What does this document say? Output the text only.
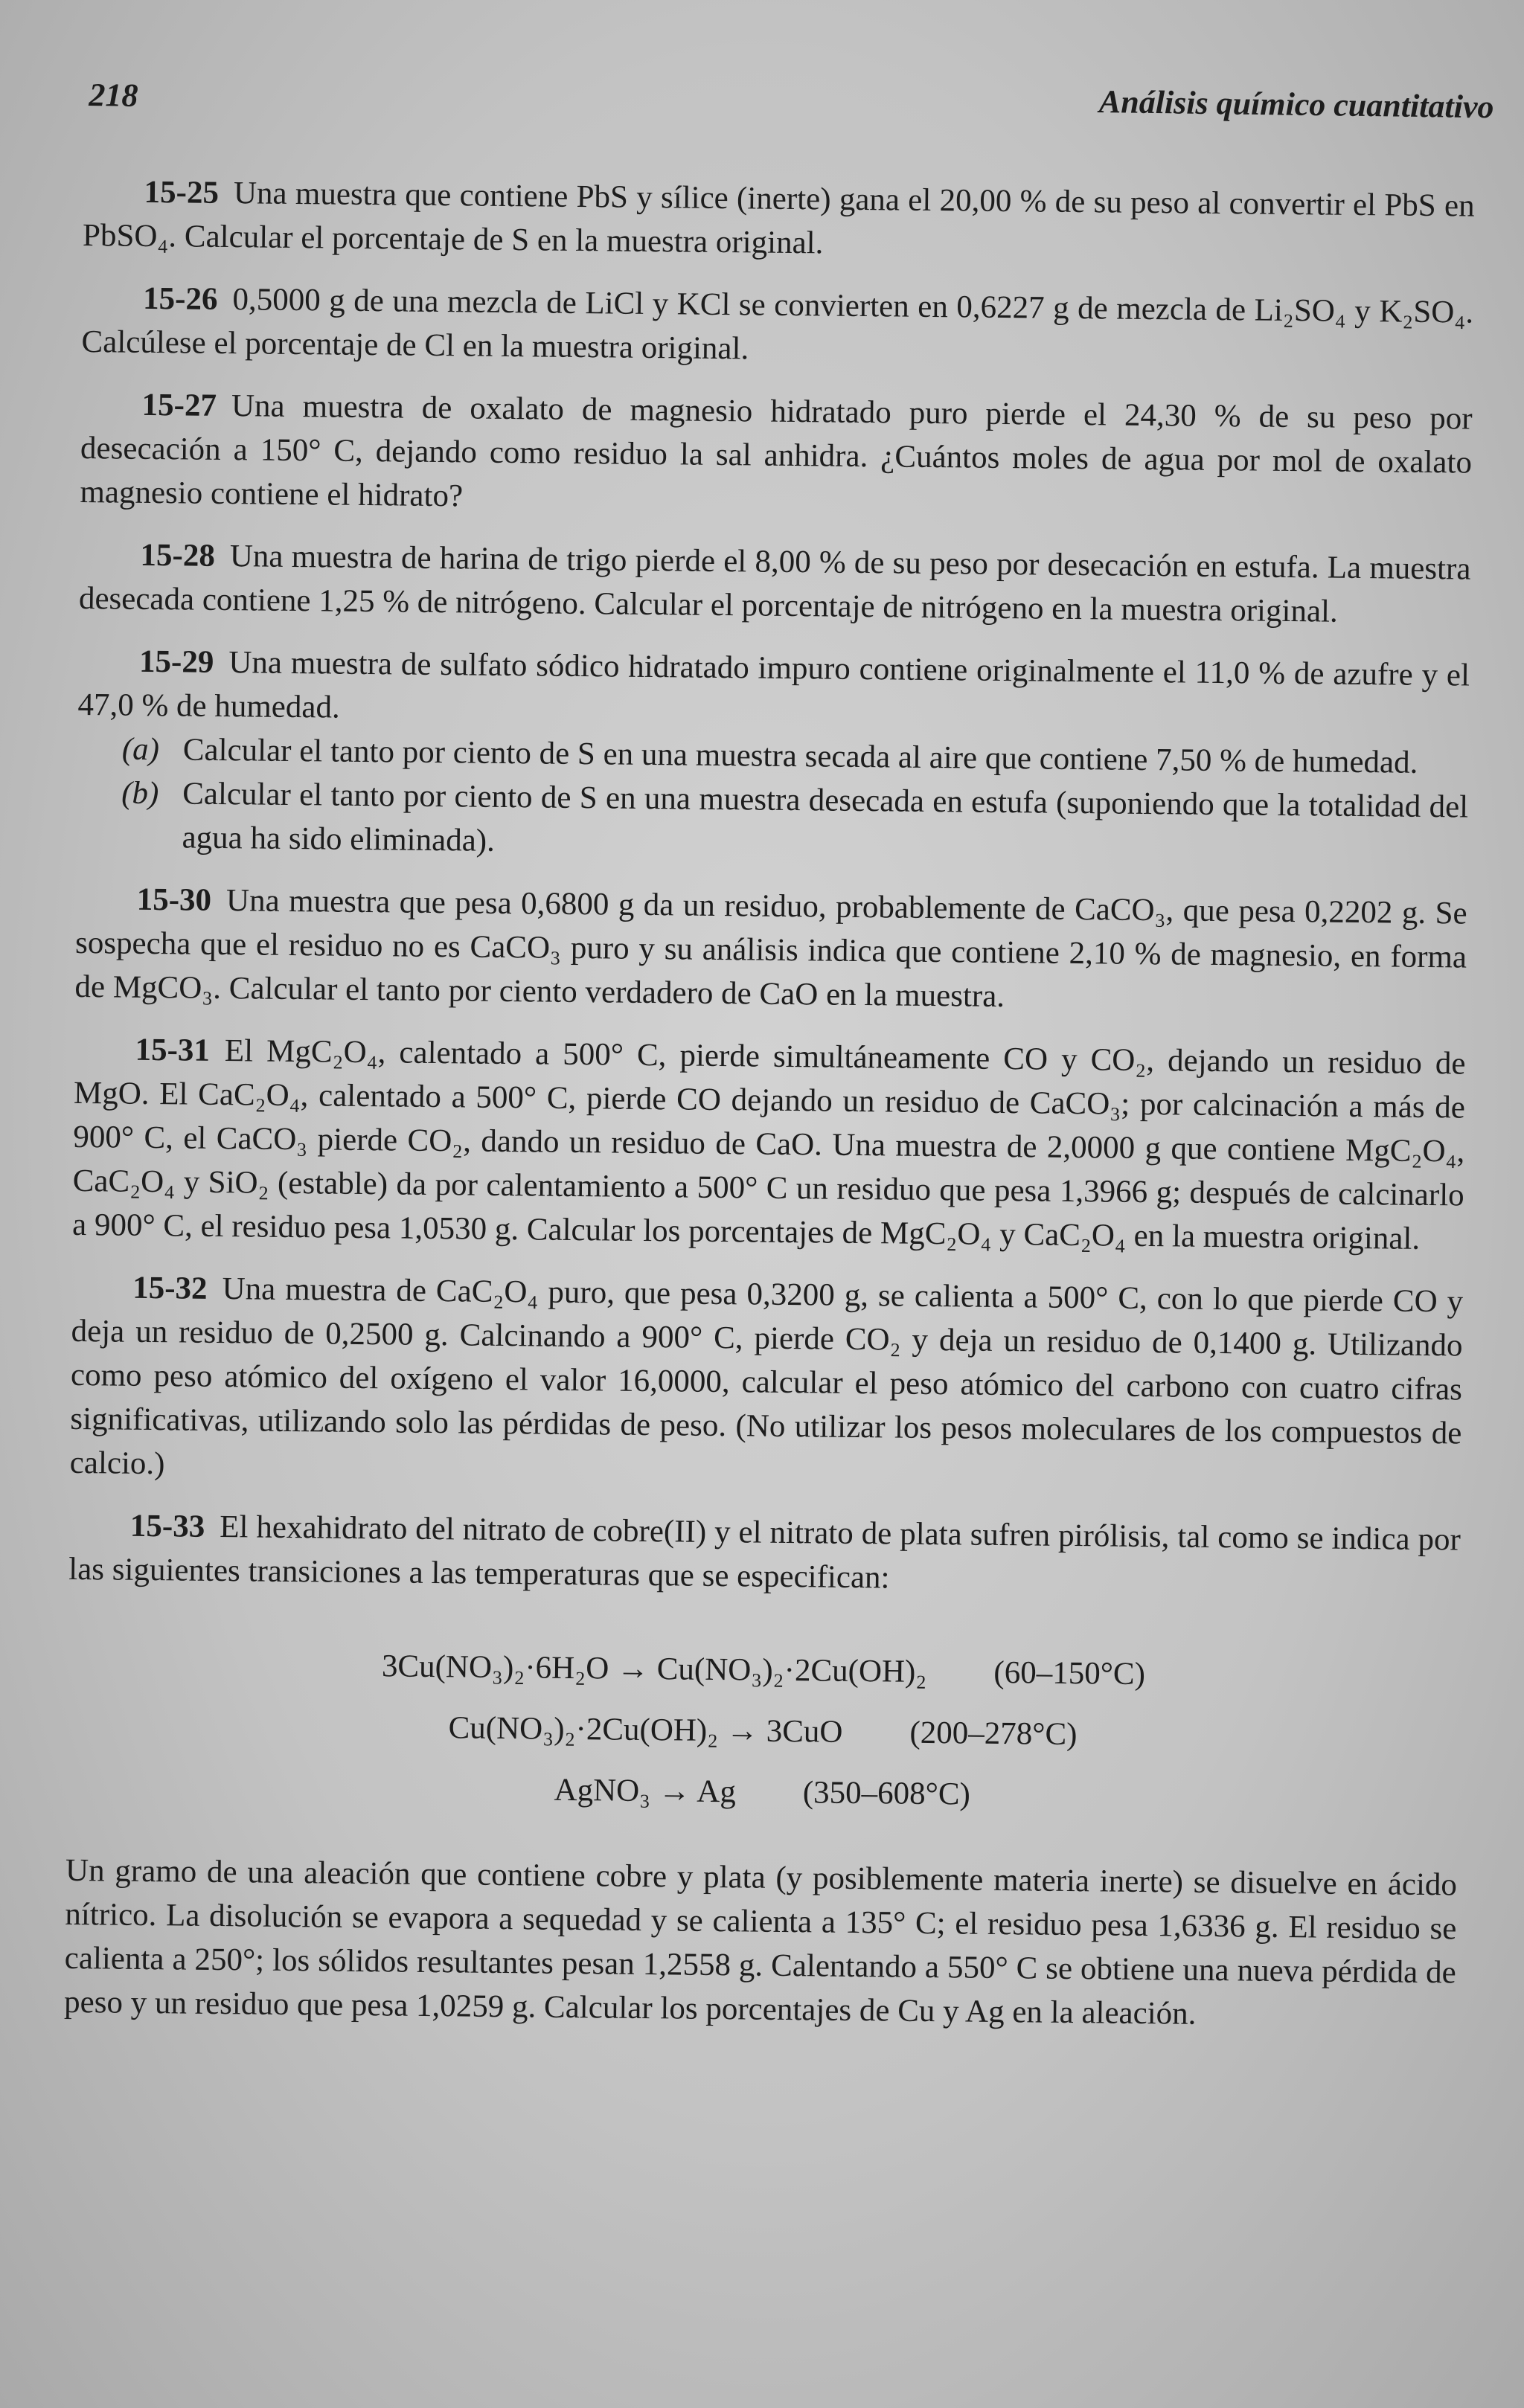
218	Análisis químico cuantitativo

15-25 Una muestra que contiene PbS y sílice (inerte) gana el 20,00 % de su peso al convertir el PbS en PbSO₄. Calcular el porcentaje de S en la muestra original.

15-26 0,5000 g de una mezcla de LiCl y KCl se convierten en 0,6227 g de mezcla de Li₂SO₄ y K₂SO₄. Calcúlese el porcentaje de Cl en la muestra original.

15-27 Una muestra de oxalato de magnesio hidratado puro pierde el 24,30 % de su peso por desecación a 150° C, dejando como residuo la sal anhidra. ¿Cuántos moles de agua por mol de oxalato magnesio contiene el hidrato?

15-28 Una muestra de harina de trigo pierde el 8,00 % de su peso por desecación en estufa. La muestra desecada contiene 1,25 % de nitrógeno. Calcular el porcentaje de nitrógeno en la muestra original.

15-29 Una muestra de sulfato sódico hidratado impuro contiene originalmente el 11,0 % de azufre y el 47,0 % de humedad.

(a) Calcular el tanto por ciento de S en una muestra secada al aire que contiene 7,50 % de humedad.
(b) Calcular el tanto por ciento de S en una muestra desecada en estufa (suponiendo que la totalidad del agua ha sido eliminada).

15-30 Una muestra que pesa 0,6800 g da un residuo, probablemente de CaCO₃, que pesa 0,2202 g. Se sospecha que el residuo no es CaCO₃ puro y su análisis indica que contiene 2,10 % de magnesio, en forma de MgCO₃. Calcular el tanto por ciento verdadero de CaO en la muestra.

15-31 El MgC₂O₄, calentado a 500° C, pierde simultáneamente CO y CO₂, dejando un residuo de MgO. El CaC₂O₄, calentado a 500° C, pierde CO dejando un residuo de CaCO₃; por calcinación a más de 900° C, el CaCO₃ pierde CO₂, dando un residuo de CaO. Una muestra de 2,0000 g que contiene MgC₂O₄, CaC₂O₄ y SiO₂ (estable) da por calentamiento a 500° C un residuo que pesa 1,3966 g; después de calcinarlo a 900° C, el residuo pesa 1,0530 g. Calcular los porcentajes de MgC₂O₄ y CaC₂O₄ en la muestra original.

15-32 Una muestra de CaC₂O₄ puro, que pesa 0,3200 g, se calienta a 500° C, con lo que pierde CO y deja un residuo de 0,2500 g. Calcinando a 900° C, pierde CO₂ y deja un residuo de 0,1400 g. Utilizando como peso atómico del oxígeno el valor 16,0000, calcular el peso atómico del carbono con cuatro cifras significativas, utilizando solo las pérdidas de peso. (No utilizar los pesos moleculares de los compuestos de calcio.)

15-33 El hexahidrato del nitrato de cobre(II) y el nitrato de plata sufren pirólisis, tal como se indica por las siguientes transiciones a las temperaturas que se especifican:

3Cu(NO₃)₂·6H₂O → Cu(NO₃)₂·2Cu(OH)₂ (60–150°C)

Cu(NO₃)₂·2Cu(OH)₂ → 3CuO (200–278°C)

AgNO₃ → Ag (350–608°C)

Un gramo de una aleación que contiene cobre y plata (y posiblemente materia inerte) se disuelve en ácido nítrico. La disolución se evapora a sequedad y se calienta a 135° C; el residuo pesa 1,6336 g. El residuo se calienta a 250°; los sólidos resultantes pesan 1,2558 g. Calentando a 550° C se obtiene una nueva pérdida de peso y un residuo que pesa 1,0259 g. Calcular los porcentajes de Cu y Ag en la aleación.
